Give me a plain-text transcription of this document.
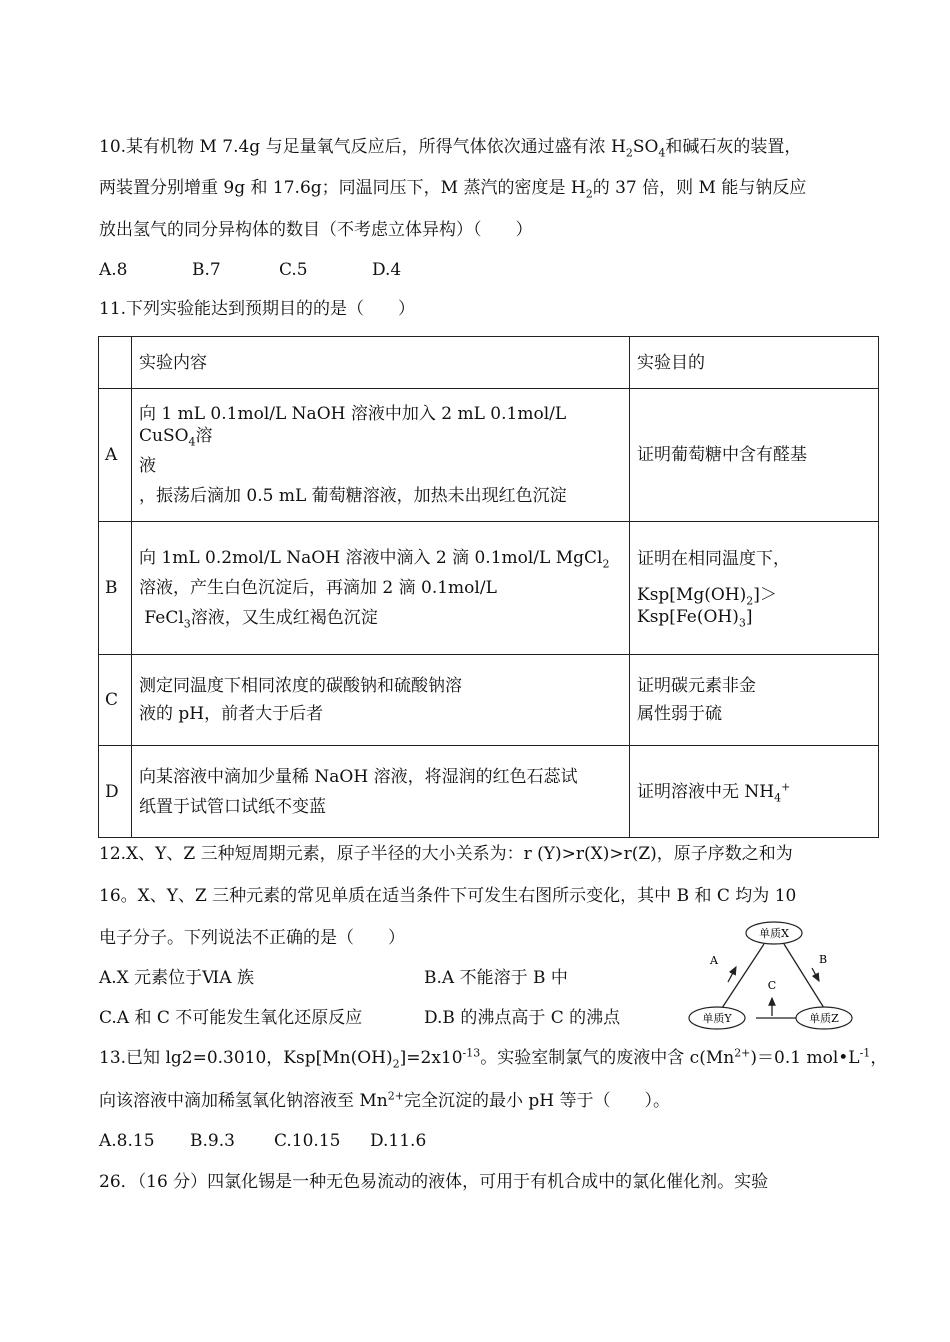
10.某有机物 M 7.4g 与足量氧气反应后，所得气体依次通过盛有浓 $H_2SO_4$和碱石灰的装置，
两装置分别增重 9g 和 17.6g；同温同压下，M 蒸汽的密度是 $H_2$的 37 倍，则 M 能与钠反应
放出氢气的同分异构体的数目（不考虑立体异构）（　　）
A.8	B.7	C.5	D.4
11.下列实验能达到预期目的的是（　　）
	实验内容	实验目的
A	向 1 mL 0.1mol/L NaOH 溶液中加入 2 mL 0.1mol/L CuSO$_4$溶
液
，振荡后滴加 0.5 mL 葡萄糖溶液，加热未出现红色沉淀	证明葡萄糖中含有醛基
B	向 1mL 0.2mol/L NaOH 溶液中滴入 2 滴 0.1mol/L MgCl$_2$
溶液，产生白色沉淀后，再滴加 2 滴 0.1mol/L
FeCl$_3$溶液，又生成红褐色沉淀	证明在相同温度下，
$Ksp[Mg(OH)_2]>Ksp[Fe(OH)_3]$

C	测定同温度下相同浓度的碳酸钠和硫酸钠溶
液的 pH，前者大于后者	证明碳元素非金
属性弱于硫

D	向某溶液中滴加少量稀 NaOH 溶液，将湿润的红色石蕊试
纸置于试管口试纸不变蓝	证明溶液中无 $NH_4^+$
12.X、Y、Z 三种短周期元素，原子半径的大小关系为：r (Y)>r(X)>r(Z)，原子序数之和为
16。X、Y、Z 三种元素的常见单质在适当条件下可发生右图所示变化，其中 B 和 C 均为 10
电子分子。下列说法不正确的是（　　）
A.X 元素位于ⅥA 族	B.A 不能溶于 B 中
C.A 和 C 不可能发生氧化还原反应	D.B 的沸点高于 C 的沸点
单质X
单质Y	单质Z
A	B
C
13.已知 lg2=0.3010，$Ksp[Mn(OH)_2]=2x10^{-13}$。实验室制氯气的废液中含 $c(Mn^{2+})=0.1$ $mol•L^{-1}$，
向该溶液中滴加稀氢氧化钠溶液至 $Mn^{2+}$完全沉淀的最小 pH 等于（　　）。
A.8.15 B.9.3 C.10.15 D.11.6
26．（16 分）四氯化锡是一种无色易流动的液体，可用于有机合成中的氯化催化剂。实验
